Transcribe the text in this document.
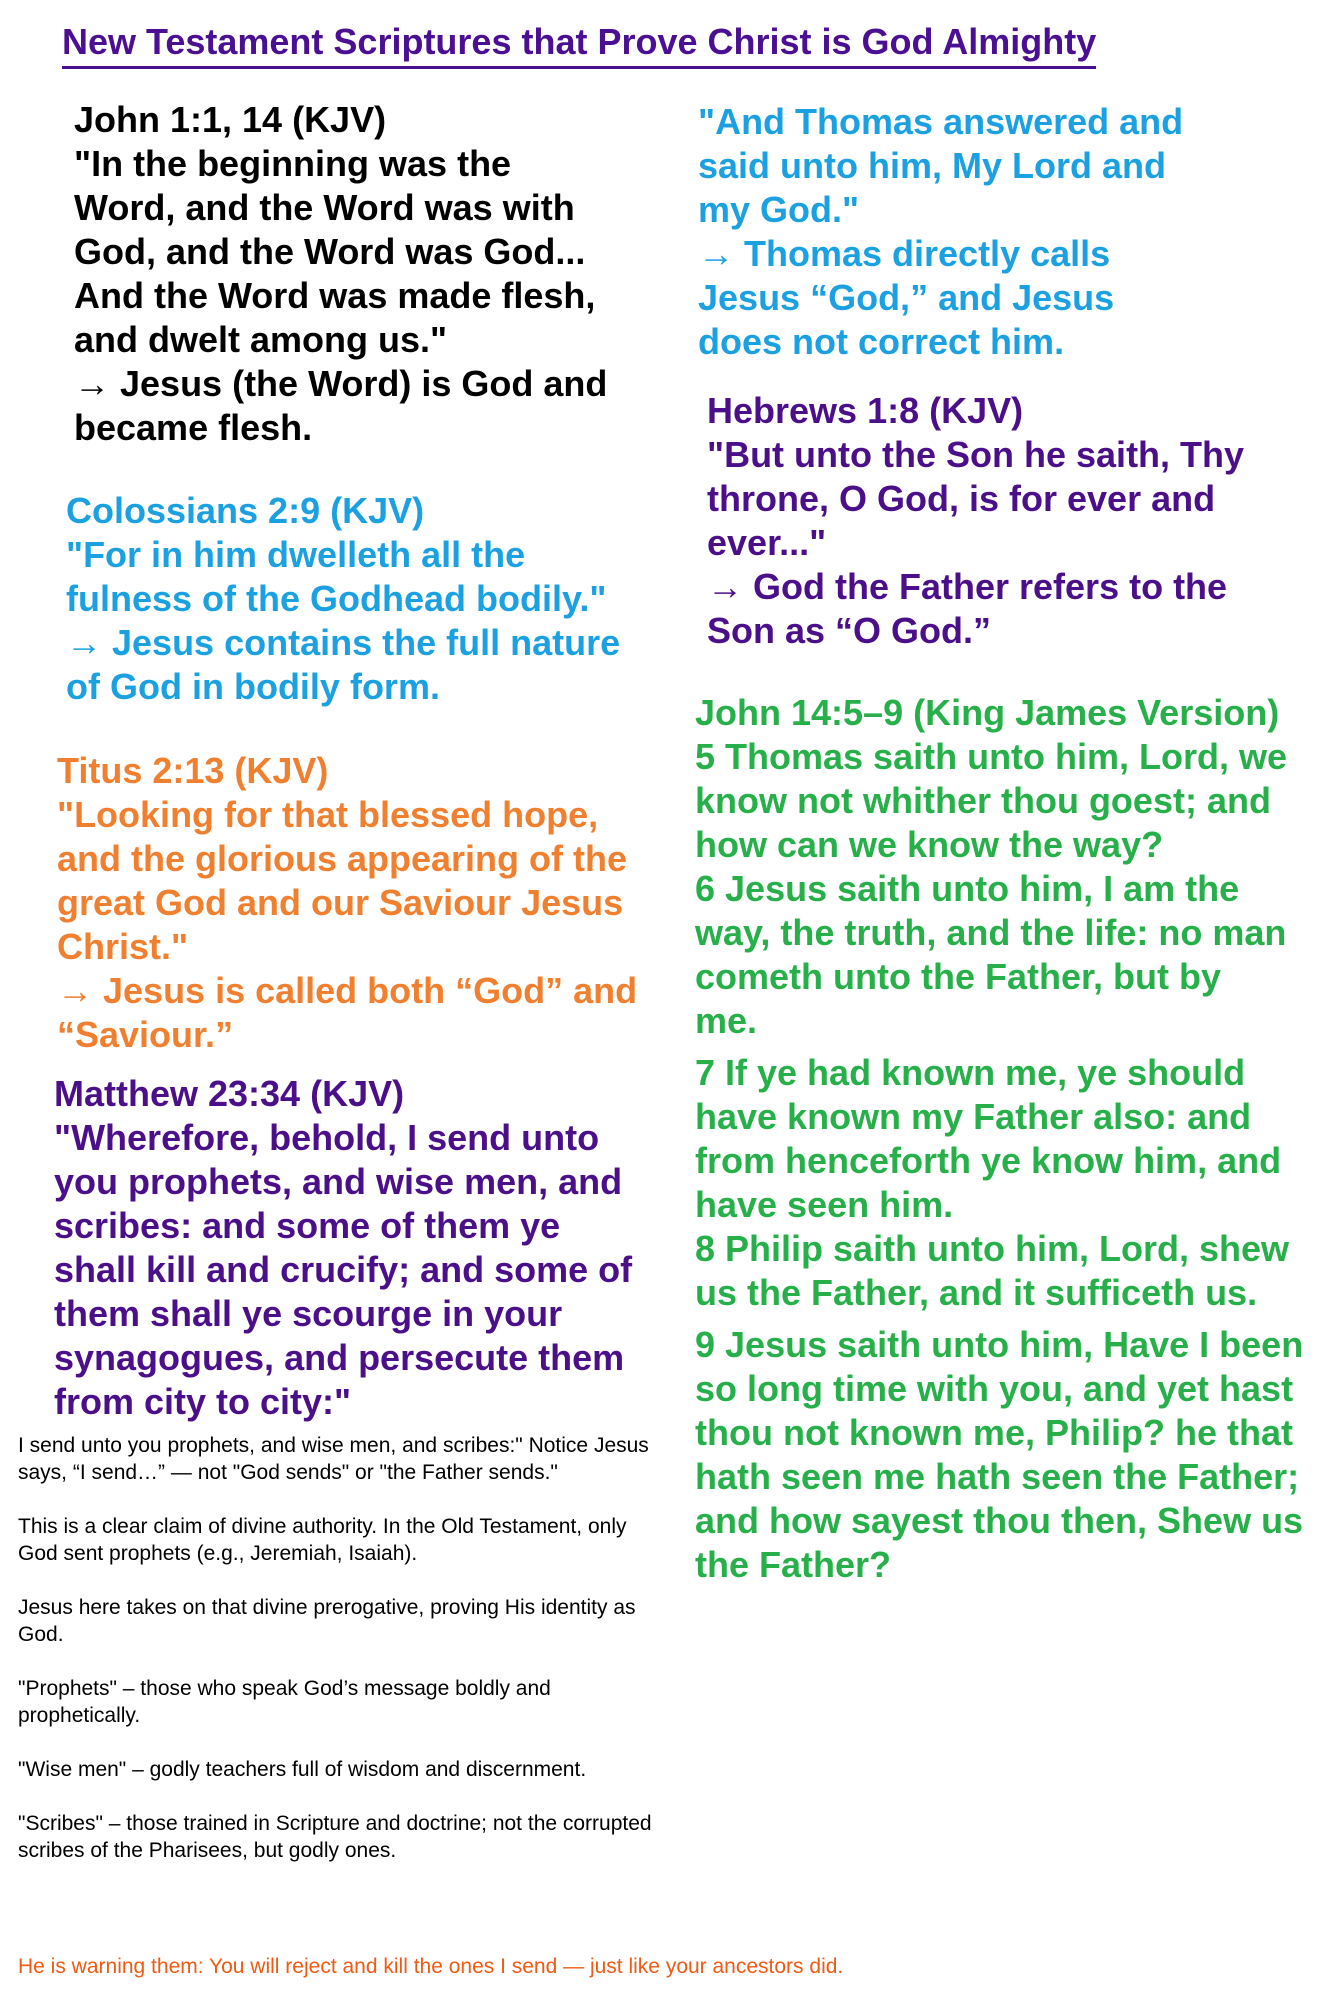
New Testament Scriptures that Prove Christ is God Almighty

John 1:1, 14 (KJV)

"In the beginning was the

Word, and the Word was with

God, and the Word was God...

And the Word was made flesh,

and dwelt among us."

→ Jesus (the Word) is God and

became flesh.

Colossians 2:9 (KJV)

"For in him dwelleth all the

fulness of the Godhead bodily."

→ Jesus contains the full nature

of God in bodily form.

Titus 2:13 (KJV)

"Looking for that blessed hope,

and the glorious appearing of the

great God and our Saviour Jesus

Christ."

→ Jesus is called both “God” and

“Saviour.”

Matthew 23:34 (KJV)

"Wherefore, behold, I send unto

you prophets, and wise men, and

scribes: and some of them ye

shall kill and crucify; and some of

them shall ye scourge in your

synagogues, and persecute them

from city to city:"

I send unto you prophets, and wise men, and scribes:" Notice Jesus says, “I send…” — not "God sends" or "the Father sends."

This is a clear claim of divine authority. In the Old Testament, only God sent prophets (e.g., Jeremiah, Isaiah).

Jesus here takes on that divine prerogative, proving His identity as God.

"Prophets" – those who speak God’s message boldly and prophetically.

"Wise men" – godly teachers full of wisdom and discernment.

"Scribes" – those trained in Scripture and doctrine; not the corrupted scribes of the Pharisees, but godly ones.

He is warning them: You will reject and kill the ones I send — just like your ancestors did.

"And Thomas answered and

said unto him, My Lord and

my God."

→ Thomas directly calls

Jesus “God,” and Jesus

does not correct him.

Hebrews 1:8 (KJV)

"But unto the Son he saith, Thy

throne, O God, is for ever and

ever..."

→ God the Father refers to the

Son as “O God.”

John 14:5–9 (King James Version)

5 Thomas saith unto him, Lord, we

know not whither thou goest; and

how can we know the way?

6 Jesus saith unto him, I am the

way, the truth, and the life: no man

cometh unto the Father, but by

me.

7 If ye had known me, ye should

have known my Father also: and

from henceforth ye know him, and

have seen him.

8 Philip saith unto him, Lord, shew

us the Father, and it sufficeth us.

9 Jesus saith unto him, Have I been

so long time with you, and yet hast

thou not known me, Philip? he that

hath seen me hath seen the Father;

and how sayest thou then, Shew us

the Father?
